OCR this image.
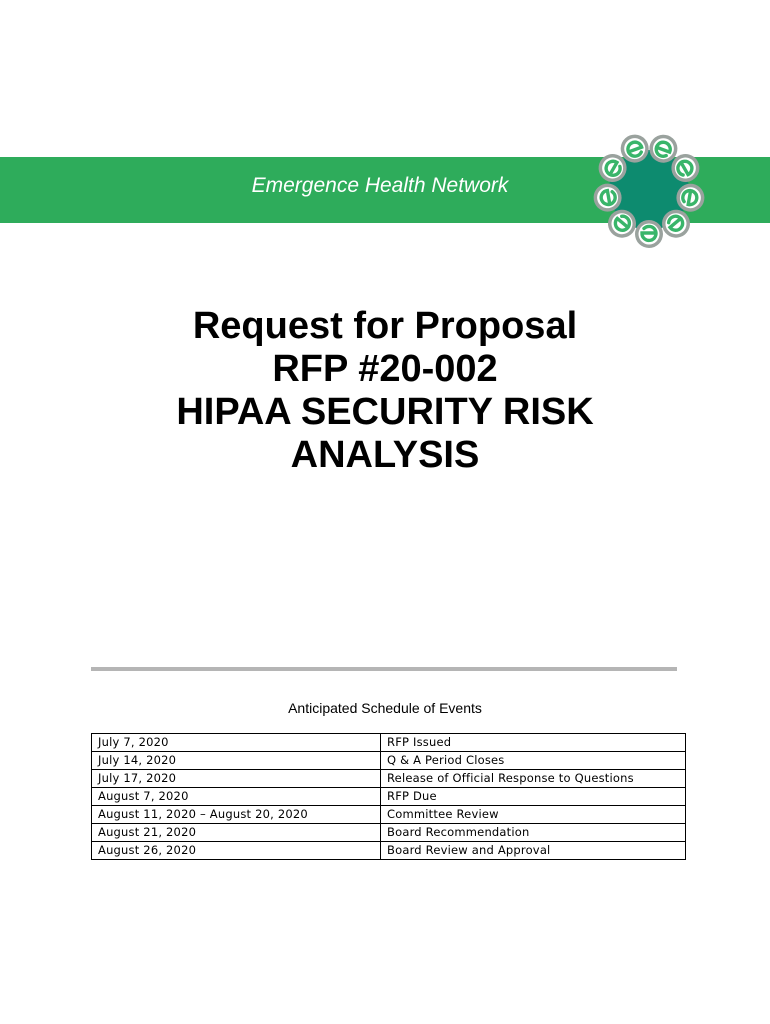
Emergence Health Network
Request for Proposal
RFP #20-002
HIPAA SECURITY RISK
ANALYSIS
Anticipated Schedule of Events
July 7, 2020	RFP Issued
July 14, 2020	Q & A Period Closes
July 17, 2020	Release of Official Response to Questions
August 7, 2020	RFP Due
August 11, 2020 – August 20, 2020	Committee Review
August 21, 2020	Board Recommendation
August 26, 2020	Board Review and Approval
